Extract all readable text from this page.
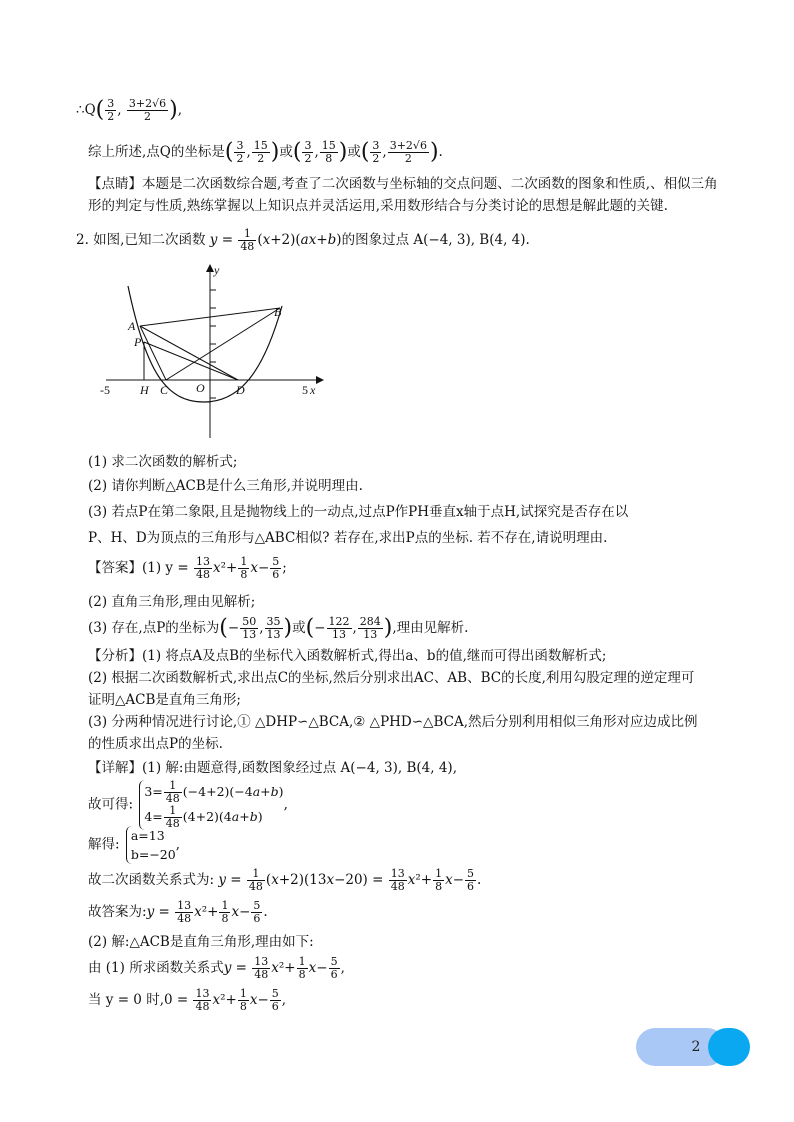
∴Q( $\frac{3}{2}$ , $\frac{3+2√6}{2}$ ),
综上所述,点Q的坐标是( $\frac{3}{2}$ , $\frac{15}{2}$ )或( $\frac{3}{2}$ , $\frac{15}{8}$ )或( $\frac{3}{2}$ , $\frac{3+2√6}{2}$ ).
【点睛】本题是二次函数综合题,考查了二次函数与坐标轴的交点问题、二次函数的图象和性质,、相似三角
形的判定与性质,熟练掌握以上知识点并灵活运用,采用数形结合与分类讨论的思想是解此题的关键.
2. 如图,已知二次函数 $y = \frac{1}{48} (x+2)(ax+b)$的图象过点 A(−4, 3), B(4, 4).
y
x
A
B
P
H C O	D
-5	5
(1) 求二次函数的解析式;
(2) 请你判断△ACB是什么三角形,并说明理由.
(3) 若点P在第二象限,且是抛物线上的一动点,过点P作PH垂直x轴于点H,试探究是否存在以
P、H、D为顶点的三角形与△ABC相似? 若存在,求出P点的坐标. 若不存在,请说明理由.
【答案】(1) $y = \frac{13}{48} x^2+ \frac{1}{8} x- \frac{5}{6}$ ;
(2) 直角三角形,理由见解析;
(3) 存在,点P的坐标为(− $\frac{50}{13}$ , $\frac{35}{13}$ )或(− $\frac{122}{13}$ , $\frac{284}{13}$ ),理由见解析.
【分析】(1) 将点A及点B的坐标代入函数解析式,得出a、b的值,继而可得出函数解析式;
(2) 根据二次函数解析式,求出点C的坐标,然后分别求出AC、AB、BC的长度,利用勾股定理的逆定理可
证明△ACB是直角三角形;
(3) 分两种情况进行讨论,① △DHP∽△BCA,② △PHD∽△BCA,然后分别利用相似三角形对应边成比例
的性质求出点P的坐标.
【详解】(1) 解:由题意得,函数图象经过点 A(−4, 3), B(4, 4),
故可得:
$3= \frac{1}{48} (-4+2)(-4a+b)$
$4= \frac{1}{48} (4+2)(4a+b)$
,
解得:
a=13
b=−20
,
故二次函数关系式为: $y = \frac{1}{48} (x+2)(13x-20) = \frac{13}{48} x^2+ \frac{1}{8} x- \frac{5}{6}$ .
故答案为:y = $\frac{13}{48} x^2+ \frac{1}{8} x- \frac{5}{6}$ .
(2) 解:△ACB是直角三角形,理由如下:
由 (1) 所求函数关系式$y = \frac{13}{48} x^2+ \frac{1}{8} x- \frac{5}{6}$ ,
当 y = 0 时$,0 = \frac{13}{48} x^2+ \frac{1}{8} x- \frac{5}{6}$ ,
2
